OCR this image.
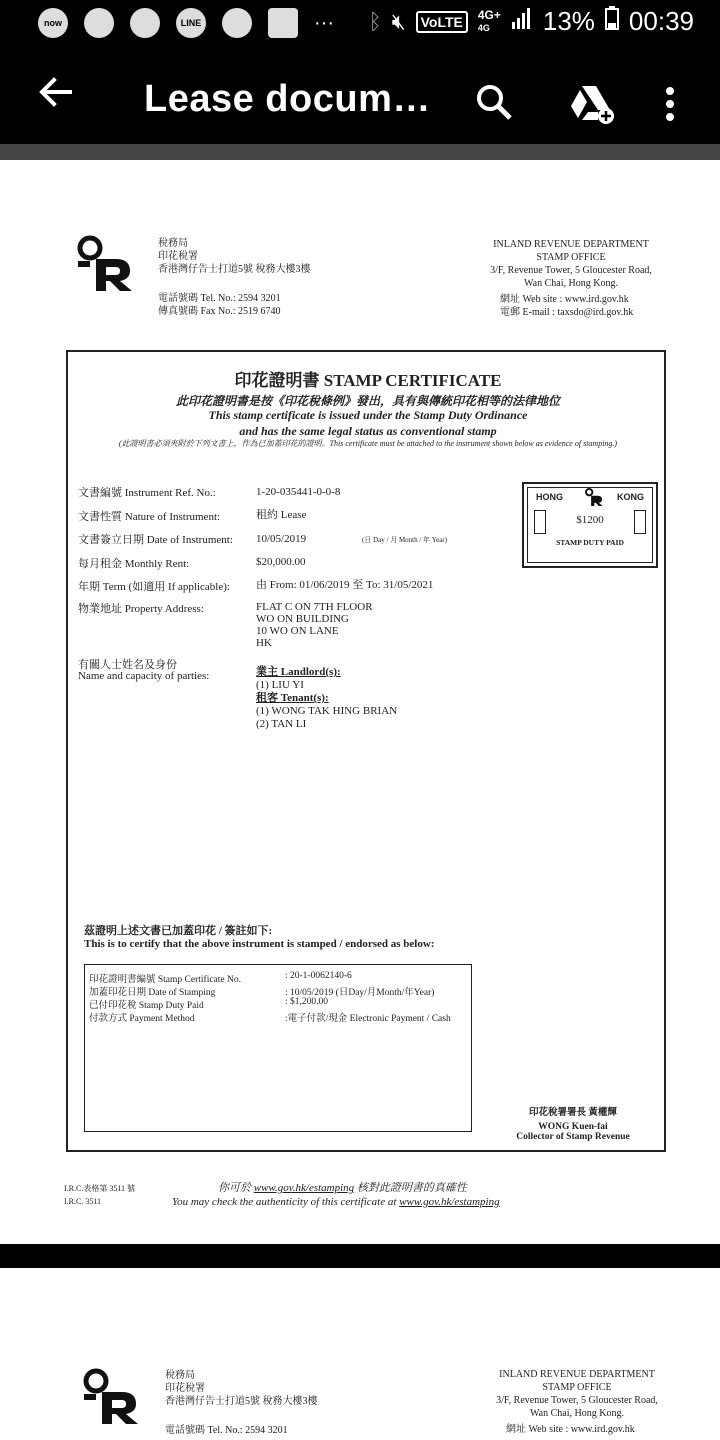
now	LINE	··· ᛒ 🔇︎	VoLTE	4G+
4G	13% 00:39
Lease docum…
稅務局
印花稅署
香港灣仔告士打道5號 稅務大樓3樓
電話號碼 Tel. No.: 2594 3201
傳真號碼 Fax No.: 2519 6740
INLAND REVENUE DEPARTMENT
STAMP OFFICE
3/F, Revenue Tower, 5 Gloucester Road,
Wan Chai, Hong Kong.
網址 Web site : www.ird.gov.hk
電郵 E-mail : taxsdo@ird.gov.hk
印花證明書 STAMP CERTIFICATE
此印花證明書是按《印花稅條例》發出，具有與傳統印花相等的法律地位
This stamp certificate is issued under the Stamp Duty Ordinance
and has the same legal status as conventional stamp
(此證明書必須夾附於下列文書上，作為已加蓋印花的證明。This certificate must be attached to the instrument shown below as evidence of stamping.)
文書編號 Instrument Ref. No.:	1-20-035441-0-0-8
文書性質 Nature of Instrument:	租約 Lease
文書簽立日期 Date of Instrument: 10/05/2019	(日 Day / 月 Month / 年 Year)
每月租金 Monthly Rent:	$20,000.00
年期 Term (如適用 If applicable): 由 From: 01/06/2019 至 To: 31/05/2021
物業地址 Property Address:	FLAT C ON 7TH FLOOR
WO ON BUILDING
10 WO ON LANE
HK
有關人士姓名及身份
Name and capacity of parties:	業主 Landlord(s):
(1) LIU YI
租客 Tenant(s):
(1) WONG TAK HING BRIAN
(2) TAN LI
HONG	KONG
$1200
STAMP DUTY PAID
茲證明上述文書已加蓋印花 / 簽註如下:
This is to certify that the above instrument is stamped / endorsed as below:
印花證明書編號 Stamp Certificate No.	: 20-1-0062140-6
加蓋印花日期 Date of Stamping	: 10/05/2019 (日Day/月Month/年Year)
已付印花稅 Stamp Duty Paid	: $1,200.00
付款方式 Payment Method	:電子付款/現金 Electronic Payment / Cash
印花稅署署長 黃權輝
WONG Kuen-fai
Collector of Stamp Revenue
I.R.C.表格第 3511 號
I.R.C. 3511
你可於 www.gov.hk/estamping 核對此證明書的真確性
You may check the authenticity of this certificate at www.gov.hk/estamping
稅務局
印花稅署
香港灣仔告士打道5號 稅務大樓3樓
電話號碼 Tel. No.: 2594 3201
INLAND REVENUE DEPARTMENT
STAMP OFFICE
3/F, Revenue Tower, 5 Gloucester Road,
Wan Chai, Hong Kong.
網址 Web site : www.ird.gov.hk
